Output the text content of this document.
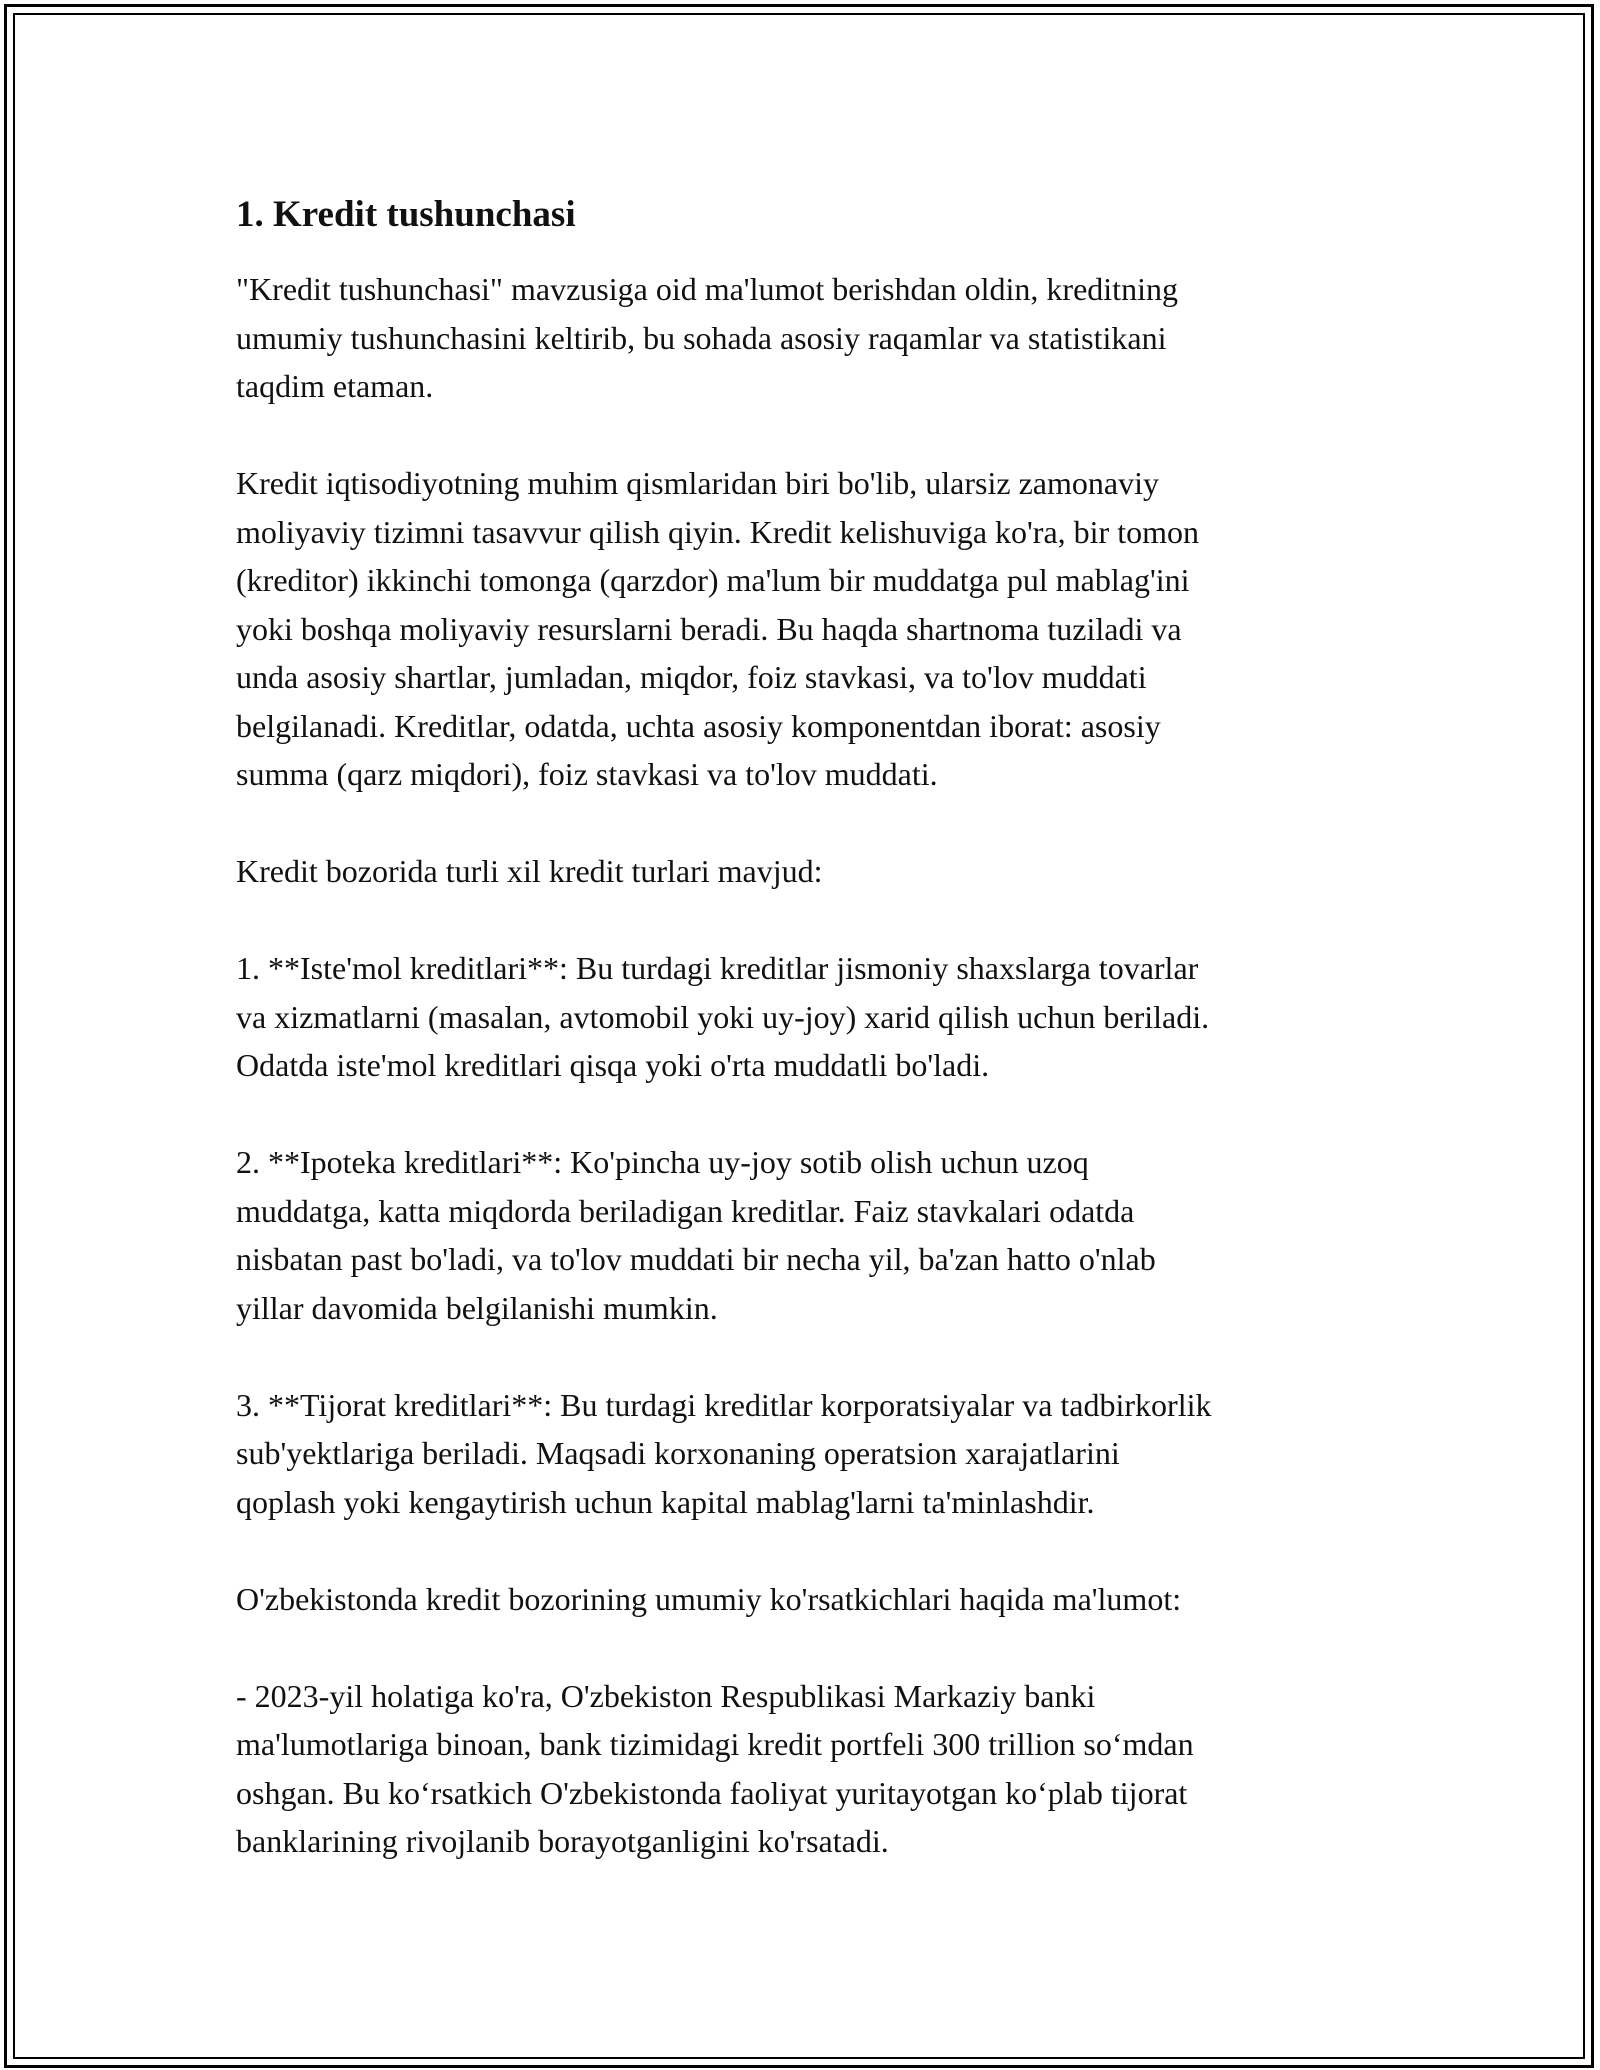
1. Kredit tushunchasi

"Kredit tushunchasi" mavzusiga oid ma'lumot berishdan oldin, kreditning
umumiy tushunchasini keltirib, bu sohada asosiy raqamlar va statistikani
taqdim etaman.

Kredit iqtisodiyotning muhim qismlaridan biri bo'lib, ularsiz zamonaviy
moliyaviy tizimni tasavvur qilish qiyin. Kredit kelishuviga ko'ra, bir tomon
(kreditor) ikkinchi tomonga (qarzdor) ma'lum bir muddatga pul mablag'ini
yoki boshqa moliyaviy resurslarni beradi. Bu haqda shartnoma tuziladi va
unda asosiy shartlar, jumladan, miqdor, foiz stavkasi, va to'lov muddati
belgilanadi. Kreditlar, odatda, uchta asosiy komponentdan iborat: asosiy
summa (qarz miqdori), foiz stavkasi va to'lov muddati.

Kredit bozorida turli xil kredit turlari mavjud:

1. **Iste'mol kreditlari**: Bu turdagi kreditlar jismoniy shaxslarga tovarlar
va xizmatlarni (masalan, avtomobil yoki uy-joy) xarid qilish uchun beriladi.
Odatda iste'mol kreditlari qisqa yoki o'rta muddatli bo'ladi.

2. **Ipoteka kreditlari**: Ko'pincha uy-joy sotib olish uchun uzoq
muddatga, katta miqdorda beriladigan kreditlar. Faiz stavkalari odatda
nisbatan past bo'ladi, va to'lov muddati bir necha yil, ba'zan hatto o'nlab
yillar davomida belgilanishi mumkin.

3. **Tijorat kreditlari**: Bu turdagi kreditlar korporatsiyalar va tadbirkorlik
sub'yektlariga beriladi. Maqsadi korxonaning operatsion xarajatlarini
qoplash yoki kengaytirish uchun kapital mablag'larni ta'minlashdir.

O'zbekistonda kredit bozorining umumiy ko'rsatkichlari haqida ma'lumot:

- 2023-yil holatiga ko'ra, O'zbekiston Respublikasi Markaziy banki
ma'lumotlariga binoan, bank tizimidagi kredit portfeli 300 trillion so‘mdan
oshgan. Bu ko‘rsatkich O'zbekistonda faoliyat yuritayotgan ko‘plab tijorat
banklarining rivojlanib borayotganligini ko'rsatadi.
